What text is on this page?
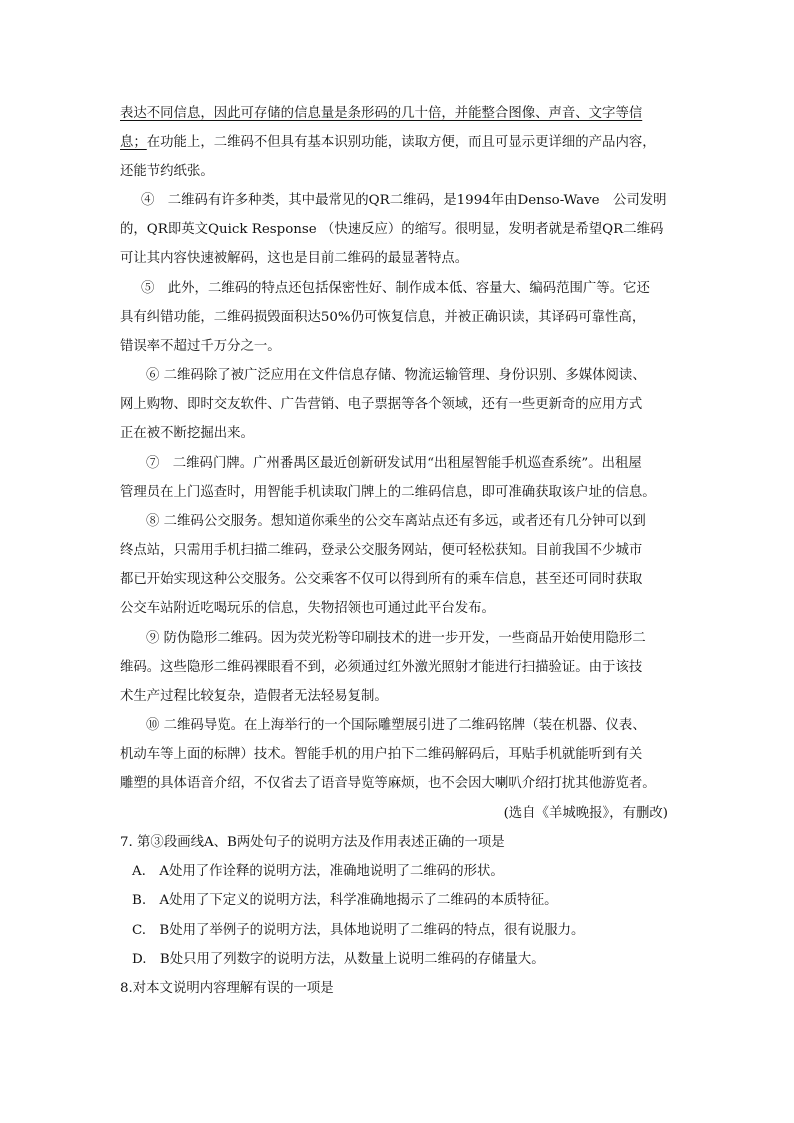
表达不同信息，因此可存储的信息量是条形码的几十倍，并能整合图像、声音、文字等信
息；在功能上，二维码不但具有基本识别功能，读取方便，而且可显示更详细的产品内容，
还能节约纸张。
④　二维码有许多种类，其中最常见的QR二维码，是1994年由Denso-Wave　公司发明
的，QR即英文Quick Response （快速反应）的缩写。很明显，发明者就是希望QR二维码
可让其内容快速被解码，这也是目前二维码的最显著特点。
⑤　此外，二维码的特点还包括保密性好、制作成本低、容量大、编码范围广等。它还
具有纠错功能，二维码损毁面积达50%仍可恢复信息，并被正确识读，其译码可靠性高，
错误率不超过千万分之一。
⑥ 二维码除了被广泛应用在文件信息存储、物流运输管理、身份识别、多媒体阅读、
网上购物、即时交友软件、广告营销、电子票据等各个领域，还有一些更新奇的应用方式
正在被不断挖掘出来。
⑦　二维码门牌。广州番禺区最近创新研发试用“出租屋智能手机巡查系统”。出租屋
管理员在上门巡查时，用智能手机读取门牌上的二维码信息，即可准确获取该户址的信息。
⑧ 二维码公交服务。想知道你乘坐的公交车离站点还有多远，或者还有几分钟可以到
终点站，只需用手机扫描二维码，登录公交服务网站，便可轻松获知。目前我国不少城市
都已开始实现这种公交服务。公交乘客不仅可以得到所有的乘车信息，甚至还可同时获取
公交车站附近吃喝玩乐的信息，失物招领也可通过此平台发布。
⑨ 防伪隐形二维码。因为荧光粉等印刷技术的进一步开发，一些商品开始使用隐形二
维码。这些隐形二维码裸眼看不到，必须通过红外激光照射才能进行扫描验证。由于该技
术生产过程比较复杂，造假者无法轻易复制。
⑩ 二维码导览。在上海举行的一个国际雕塑展引进了二维码铭牌（装在机器、仪表、
机动车等上面的标牌）技术。智能手机的用户拍下二维码解码后，耳贴手机就能听到有关
雕塑的具体语音介绍，不仅省去了语音导览等麻烦，也不会因大喇叭介绍打扰其他游览者。
(选自《羊城晚报》，有删改)
7. 第③段画线A、B两处句子的说明方法及作用表述正确的一项是
A.　A处用了作诠释的说明方法，准确地说明了二维码的形状。
B.　A处用了下定义的说明方法，科学准确地揭示了二维码的本质特征。
C.　B处用了举例子的说明方法，具体地说明了二维码的特点，很有说服力。
D.　B处只用了列数字的说明方法，从数量上说明二维码的存储量大。
8.对本文说明内容理解有误的一项是
